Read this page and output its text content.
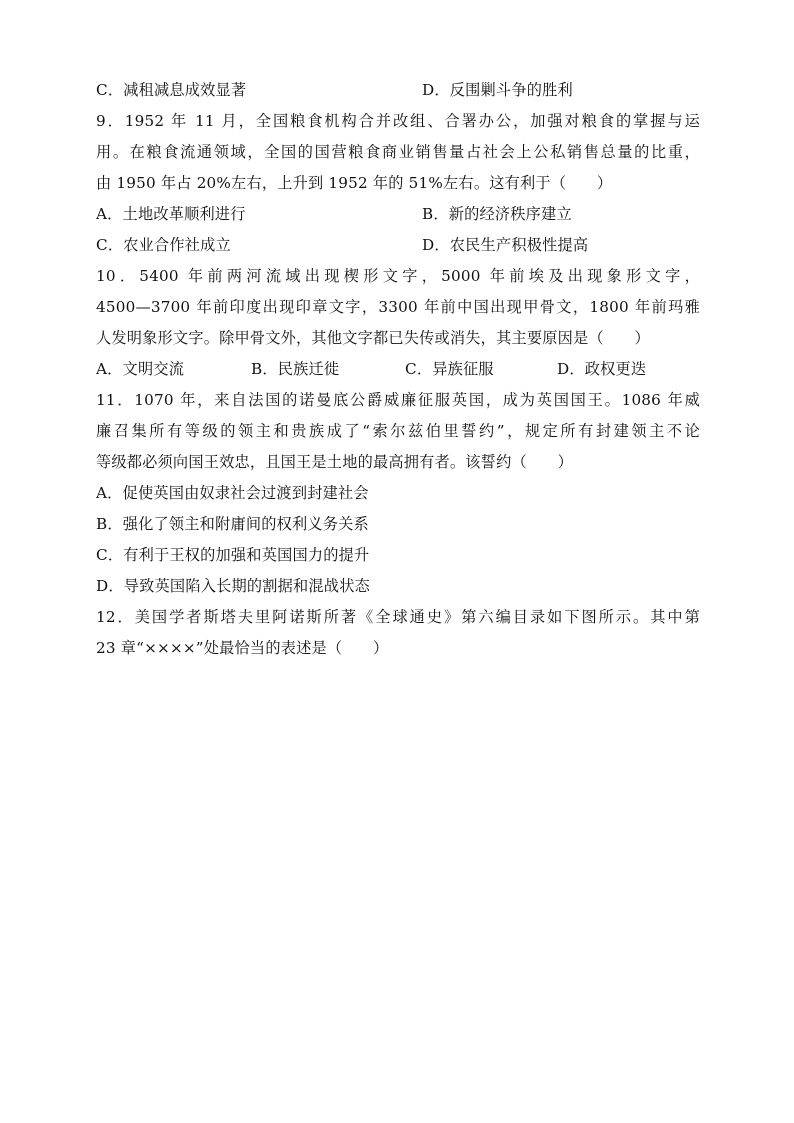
C．减租减息成效显著	D．反围剿斗争的胜利
9．1952 年 11 月，全国粮食机构合并改组、合署办公，加强对粮食的掌握与运
用。在粮食流通领域，全国的国营粮食商业销售量占社会上公私销售总量的比重，
由 1950 年占 20%左右，上升到 1952 年的 51%左右。这有利于（　　）
A．土地改革顺利进行	B．新的经济秩序建立
C．农业合作社成立	D．农民生产积极性提高
10．5400 年前两河流域出现楔形文字，5000 年前埃及出现象形文字，
4500—3700 年前印度出现印章文字，3300 年前中国出现甲骨文，1800 年前玛雅
人发明象形文字。除甲骨文外，其他文字都已失传或消失，其主要原因是（　　）
A．文明交流	B．民族迁徙	C．异族征服	D．政权更迭
11．1070 年，来自法国的诺曼底公爵威廉征服英国，成为英国国王。1086 年威
廉召集所有等级的领主和贵族成了“索尔兹伯里誓约”，规定所有封建领主不论
等级都必须向国王效忠，且国王是土地的最高拥有者。该誓约（　　）
A．促使英国由奴隶社会过渡到封建社会
B．强化了领主和附庸间的权利义务关系
C．有利于王权的加强和英国国力的提升
D．导致英国陷入长期的割据和混战状态
12．美国学者斯塔夫里阿诺斯所著《全球通史》第六编目录如下图所示。其中第
23 章“××××”处最恰当的表述是（　　）
